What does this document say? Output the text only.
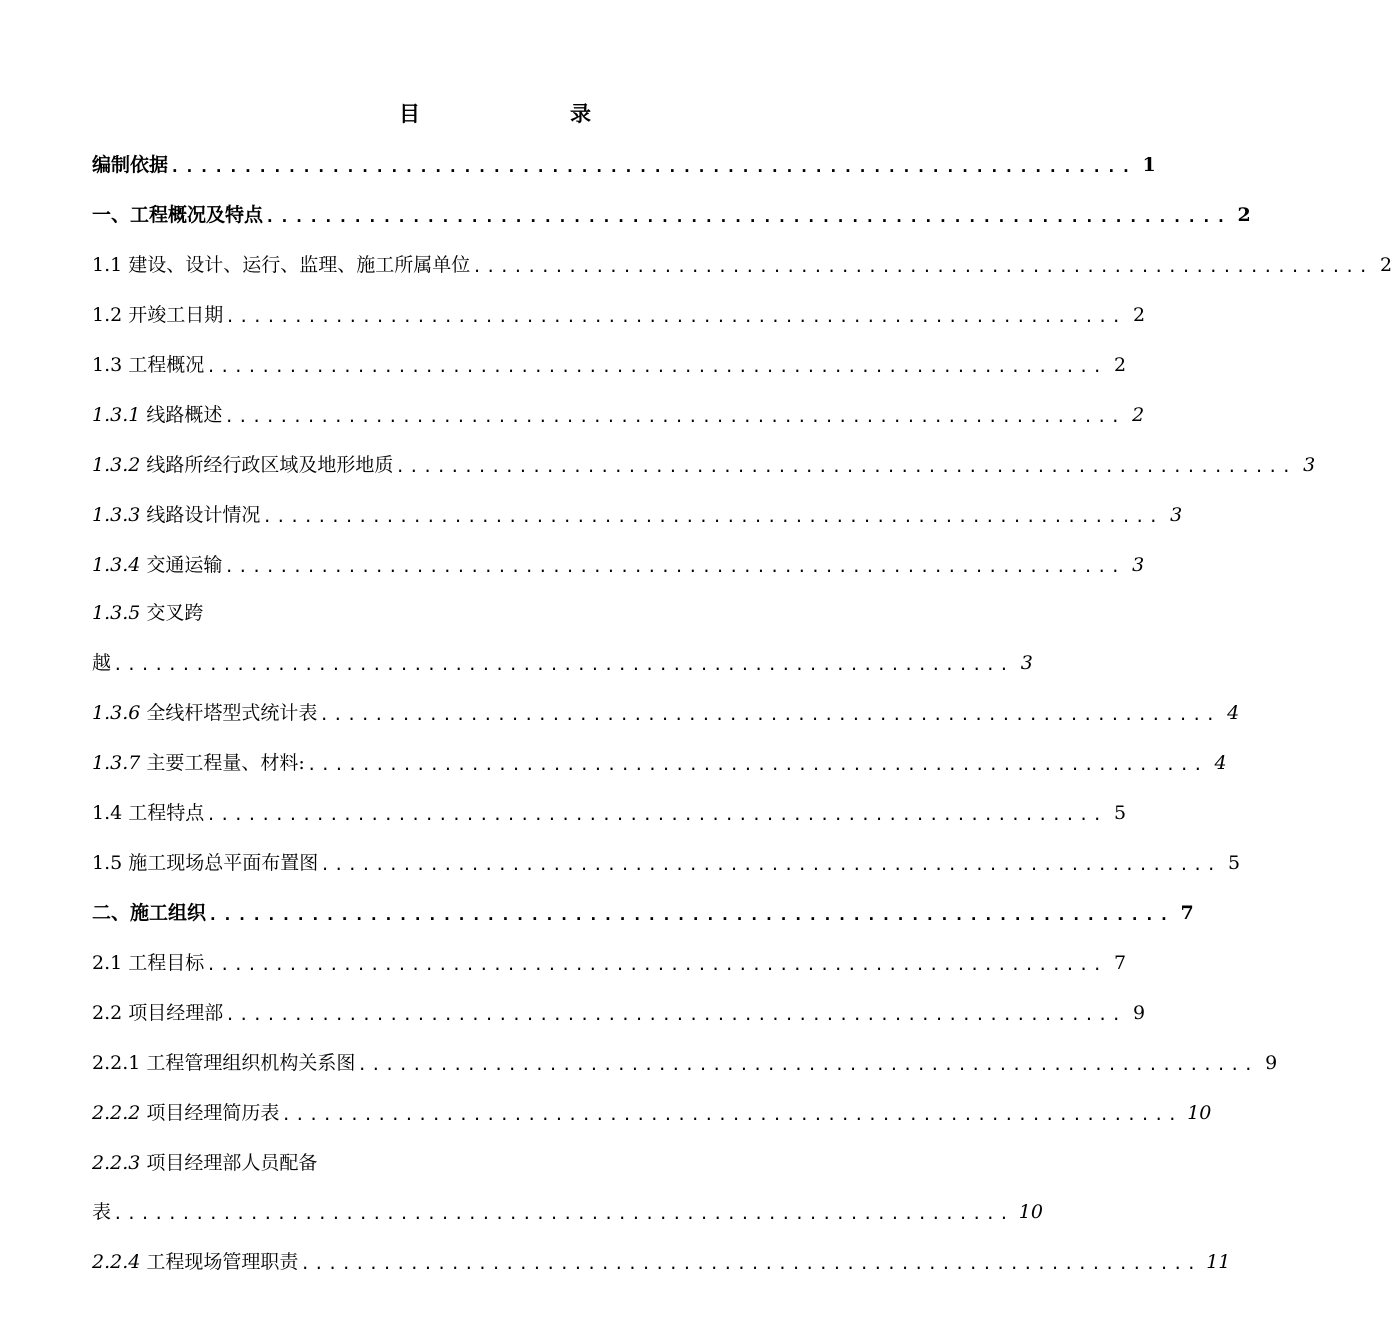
目	录
编制依据 .................................................................. 1
一、工程概况及特点 .................................................................. 2
1.1 建设、设计、运行、监理、施工所属单位 .................................................................. 2
1.2 开竣工日期 .................................................................. 2
1.3 工程概况 .................................................................. 2
1.3.1 线路概述 .................................................................. 2
1.3.2 线路所经行政区域及地形地质 .................................................................. 3
1.3.3 线路设计情况 .................................................................. 3
1.3.4 交通运输 .................................................................. 3
1.3.5 交叉跨
越 .................................................................. 3
1.3.6 全线杆塔型式统计表 .................................................................. 4
1.3.7 主要工程量、材料: .................................................................. 4
1.4 工程特点 .................................................................. 5
1.5 施工现场总平面布置图 .................................................................. 5
二、施工组织 .................................................................. 7
2.1 工程目标 .................................................................. 7
2.2 项目经理部 .................................................................. 9
2.2.1 工程管理组织机构关系图 .................................................................. 9
2.2.2 项目经理简历表 .................................................................. 10
2.2.3 项目经理部人员配备
表 .................................................................. 10
2.2.4 工程现场管理职责 .................................................................. 11
